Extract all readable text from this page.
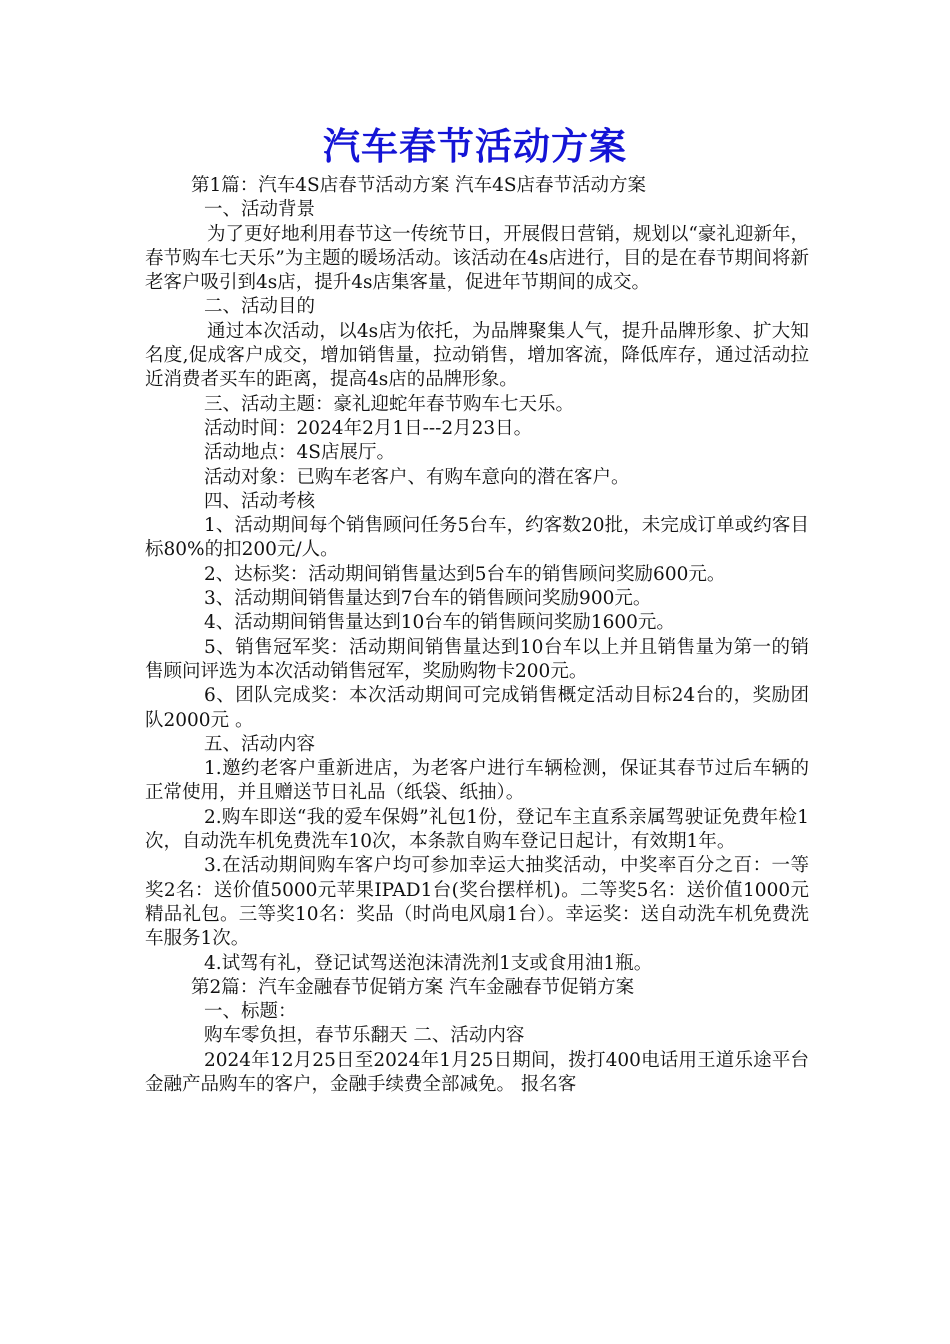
汽车春节活动方案

第1篇：汽车4S店春节活动方案 汽车4S店春节活动方案

一、活动背景

为了更好地利用春节这一传统节日，开展假日营销，规划以“豪礼迎新年，春节购车七天乐”为主题的暖场活动。该活动在4s店进行，目的是在春节期间将新老客户吸引到4s店，提升4s店集客量，促进年节期间的成交。

二、活动目的

通过本次活动，以4s店为依托，为品牌聚集人气，提升品牌形象、扩大知名度,促成客户成交，增加销售量，拉动销售，增加客流，降低库存，通过活动拉近消费者买车的距离，提高4s店的品牌形象。

三、活动主题：豪礼迎蛇年春节购车七天乐。

活动时间：2024年2月1日---2月23日。

活动地点：4S店展厅。

活动对象：已购车老客户、有购车意向的潜在客户。

四、活动考核

1、活动期间每个销售顾问任务5台车，约客数20批，未完成订单或约客目标80%的扣200元/人。

2、达标奖：活动期间销售量达到5台车的销售顾问奖励600元。

3、活动期间销售量达到7台车的销售顾问奖励900元。

4、活动期间销售量达到10台车的销售顾问奖励1600元。

5、销售冠军奖：活动期间销售量达到10台车以上并且销售量为第一的销售顾问评选为本次活动销售冠军，奖励购物卡200元。

6、团队完成奖：本次活动期间可完成销售概定活动目标24台的，奖励团队2000元 。

五、活动内容

1.邀约老客户重新进店，为老客户进行车辆检测，保证其春节过后车辆的正常使用，并且赠送节日礼品（纸袋、纸抽）。

2.购车即送“我的爱车保姆”礼包1份，登记车主直系亲属驾驶证免费年检1次，自动洗车机免费洗车10次，本条款自购车登记日起计，有效期1年。

3.在活动期间购车客户均可参加幸运大抽奖活动，中奖率百分之百：一等奖2名：送价值5000元苹果IPAD1台(奖台摆样机)。二等奖5名：送价值1000元精品礼包。三等奖10名：奖品（时尚电风扇1台）。幸运奖：送自动洗车机免费洗车服务1次。

4.试驾有礼，登记试驾送泡沫清洗剂1支或食用油1瓶。

第2篇：汽车金融春节促销方案 汽车金融春节促销方案

一、标题：

购车零负担，春节乐翻天 二、活动内容

2024年12月25日至2024年1月25日期间，拨打400电话用王道乐途平台金融产品购车的客户，金融手续费全部减免。 报名客
